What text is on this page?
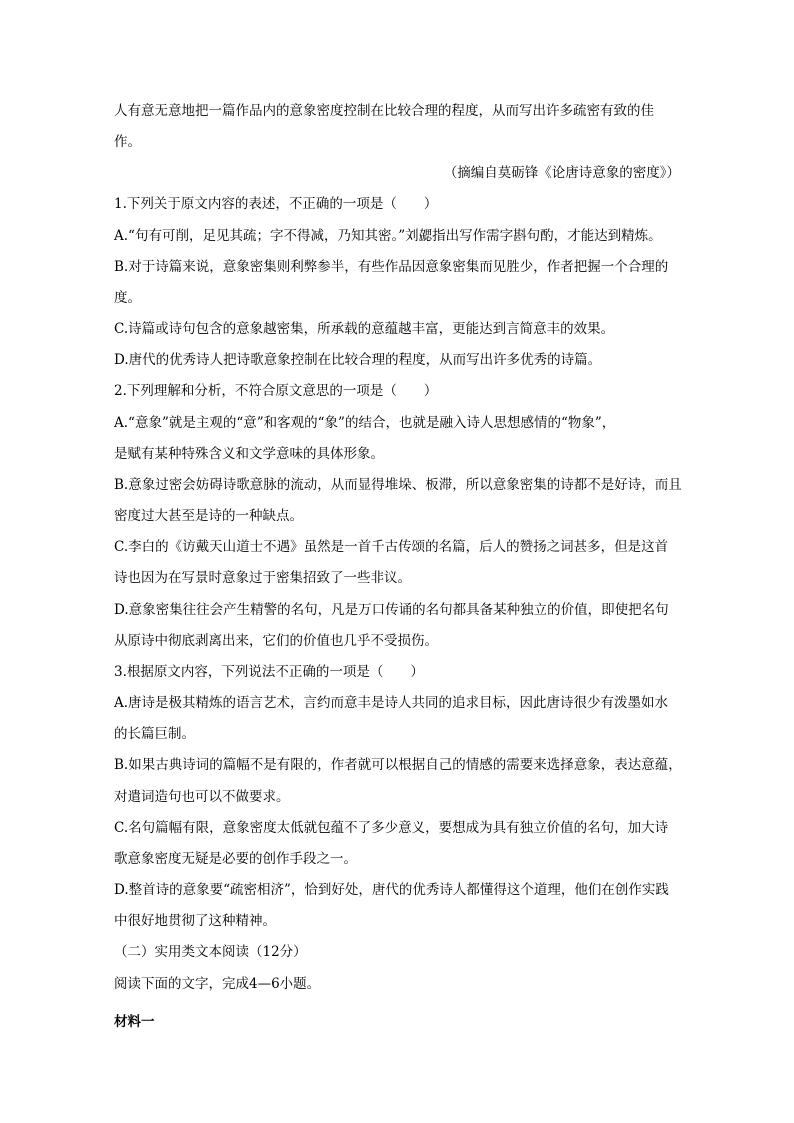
人有意无意地把一篇作品内的意象密度控制在比较合理的程度，从而写出许多疏密有致的佳
作。
（摘编自莫砺锋《论唐诗意象的密度》）
1.下列关于原文内容的表述，不正确的一项是（　　）
A.“句有可削，足见其疏；字不得减，乃知其密。”刘勰指出写作需字斟句酌，才能达到精炼。
B.对于诗篇来说，意象密集则利弊参半，有些作品因意象密集而见胜少，作者把握一个合理的
度。
C.诗篇或诗句包含的意象越密集，所承载的意蕴越丰富，更能达到言简意丰的效果。
D.唐代的优秀诗人把诗歌意象控制在比较合理的程度，从而写出许多优秀的诗篇。
2.下列理解和分析，不符合原文意思的一项是（　　）
A.“意象”就是主观的“意”和客观的“象”的结合，也就是融入诗人思想感情的“物象”，
是赋有某种特殊含义和文学意味的具体形象。
B.意象过密会妨碍诗歌意脉的流动，从而显得堆垛、板滞，所以意象密集的诗都不是好诗，而且
密度过大甚至是诗的一种缺点。
C.李白的《访戴天山道士不遇》虽然是一首千古传颂的名篇，后人的赞扬之词甚多，但是这首
诗也因为在写景时意象过于密集招致了一些非议。
D.意象密集往往会产生精警的名句，凡是万口传诵的名句都具备某种独立的价值，即使把名句
从原诗中彻底剥离出来，它们的价值也几乎不受损伤。
3.根据原文内容，下列说法不正确的一项是（　　）
A.唐诗是极其精炼的语言艺术，言约而意丰是诗人共同的追求目标，因此唐诗很少有泼墨如水
的长篇巨制。
B.如果古典诗词的篇幅不是有限的，作者就可以根据自己的情感的需要来选择意象，表达意蕴，
对遣词造句也可以不做要求。
C.名句篇幅有限，意象密度太低就包蕴不了多少意义，要想成为具有独立价值的名句，加大诗
歌意象密度无疑是必要的创作手段之一。
D.整首诗的意象要“疏密相济”，恰到好处，唐代的优秀诗人都懂得这个道理，他们在创作实践
中很好地贯彻了这种精神。
（二）实用类文本阅读（12分）
阅读下面的文字，完成4—6小题。
材料一
